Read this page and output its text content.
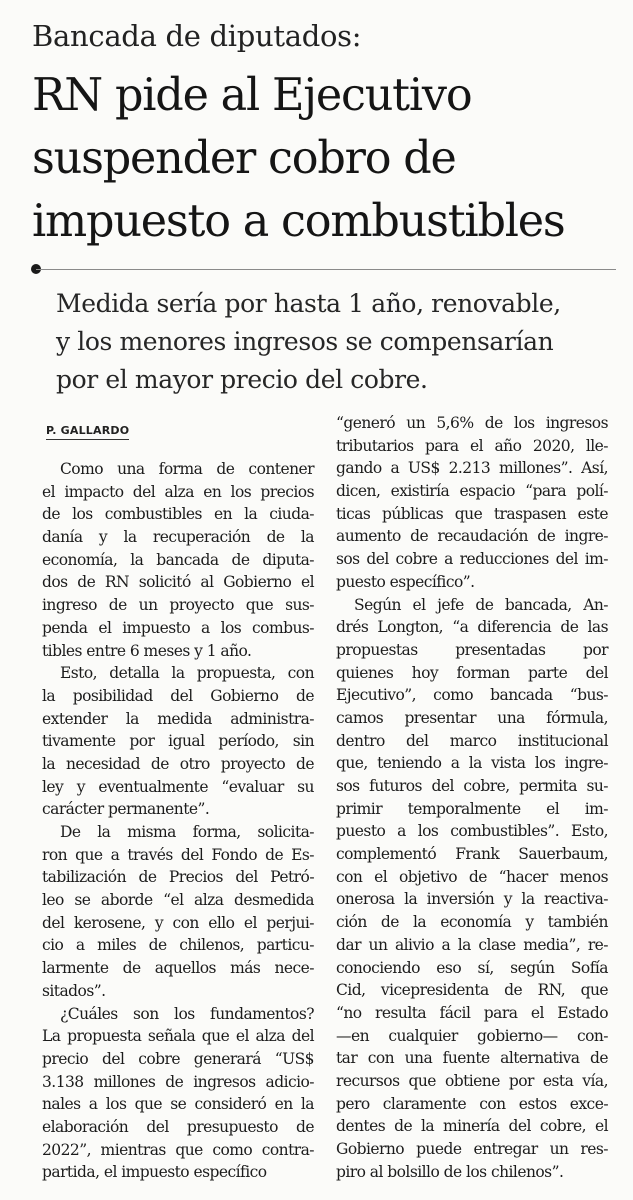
Bancada de diputados:
RN pide al Ejecutivo
suspender cobro de
impuesto a combustibles
Medida sería por hasta 1 año, renovable,
y los menores ingresos se compensarían
por el mayor precio del cobre.
P. GALLARDO
Como una forma de contener
el impacto del alza en los precios
de los combustibles en la ciuda-
danía y la recuperación de la
economía, la bancada de diputa-
dos de RN solicitó al Gobierno el
ingreso de un proyecto que sus-
penda el impuesto a los combus-
tibles entre 6 meses y 1 año.
Esto, detalla la propuesta, con
la posibilidad del Gobierno de
extender la medida administra-
tivamente por igual período, sin
la necesidad de otro proyecto de
ley y eventualmente “evaluar su
carácter permanente”.
De la misma forma, solicita-
ron que a través del Fondo de Es-
tabilización de Precios del Petró-
leo se aborde “el alza desmedida
del kerosene, y con ello el perjui-
cio a miles de chilenos, particu-
larmente de aquellos más nece-
sitados”.
¿Cuáles son los fundamentos?
La propuesta señala que el alza del
precio del cobre generará “US$
3.138 millones de ingresos adicio-
nales a los que se consideró en la
elaboración del presupuesto de
2022”, mientras que como contra-
partida, el impuesto específico
“generó un 5,6% de los ingresos
tributarios para el año 2020, lle-
gando a US$ 2.213 millones”. Así,
dicen, existiría espacio “para polí-
ticas públicas que traspasen este
aumento de recaudación de ingre-
sos del cobre a reducciones del im-
puesto específico”.
Según el jefe de bancada, An-
drés Longton, “a diferencia de las
propuestas presentadas por
quienes hoy forman parte del
Ejecutivo”, como bancada “bus-
camos presentar una fórmula,
dentro del marco institucional
que, teniendo a la vista los ingre-
sos futuros del cobre, permita su-
primir temporalmente el im-
puesto a los combustibles”. Esto,
complementó Frank Sauerbaum,
con el objetivo de “hacer menos
onerosa la inversión y la reactiva-
ción de la economía y también
dar un alivio a la clase media”, re-
conociendo eso sí, según Sofía
Cid, vicepresidenta de RN, que
“no resulta fácil para el Estado
—en cualquier gobierno— con-
tar con una fuente alternativa de
recursos que obtiene por esta vía,
pero claramente con estos exce-
dentes de la minería del cobre, el
Gobierno puede entregar un res-
piro al bolsillo de los chilenos”.
